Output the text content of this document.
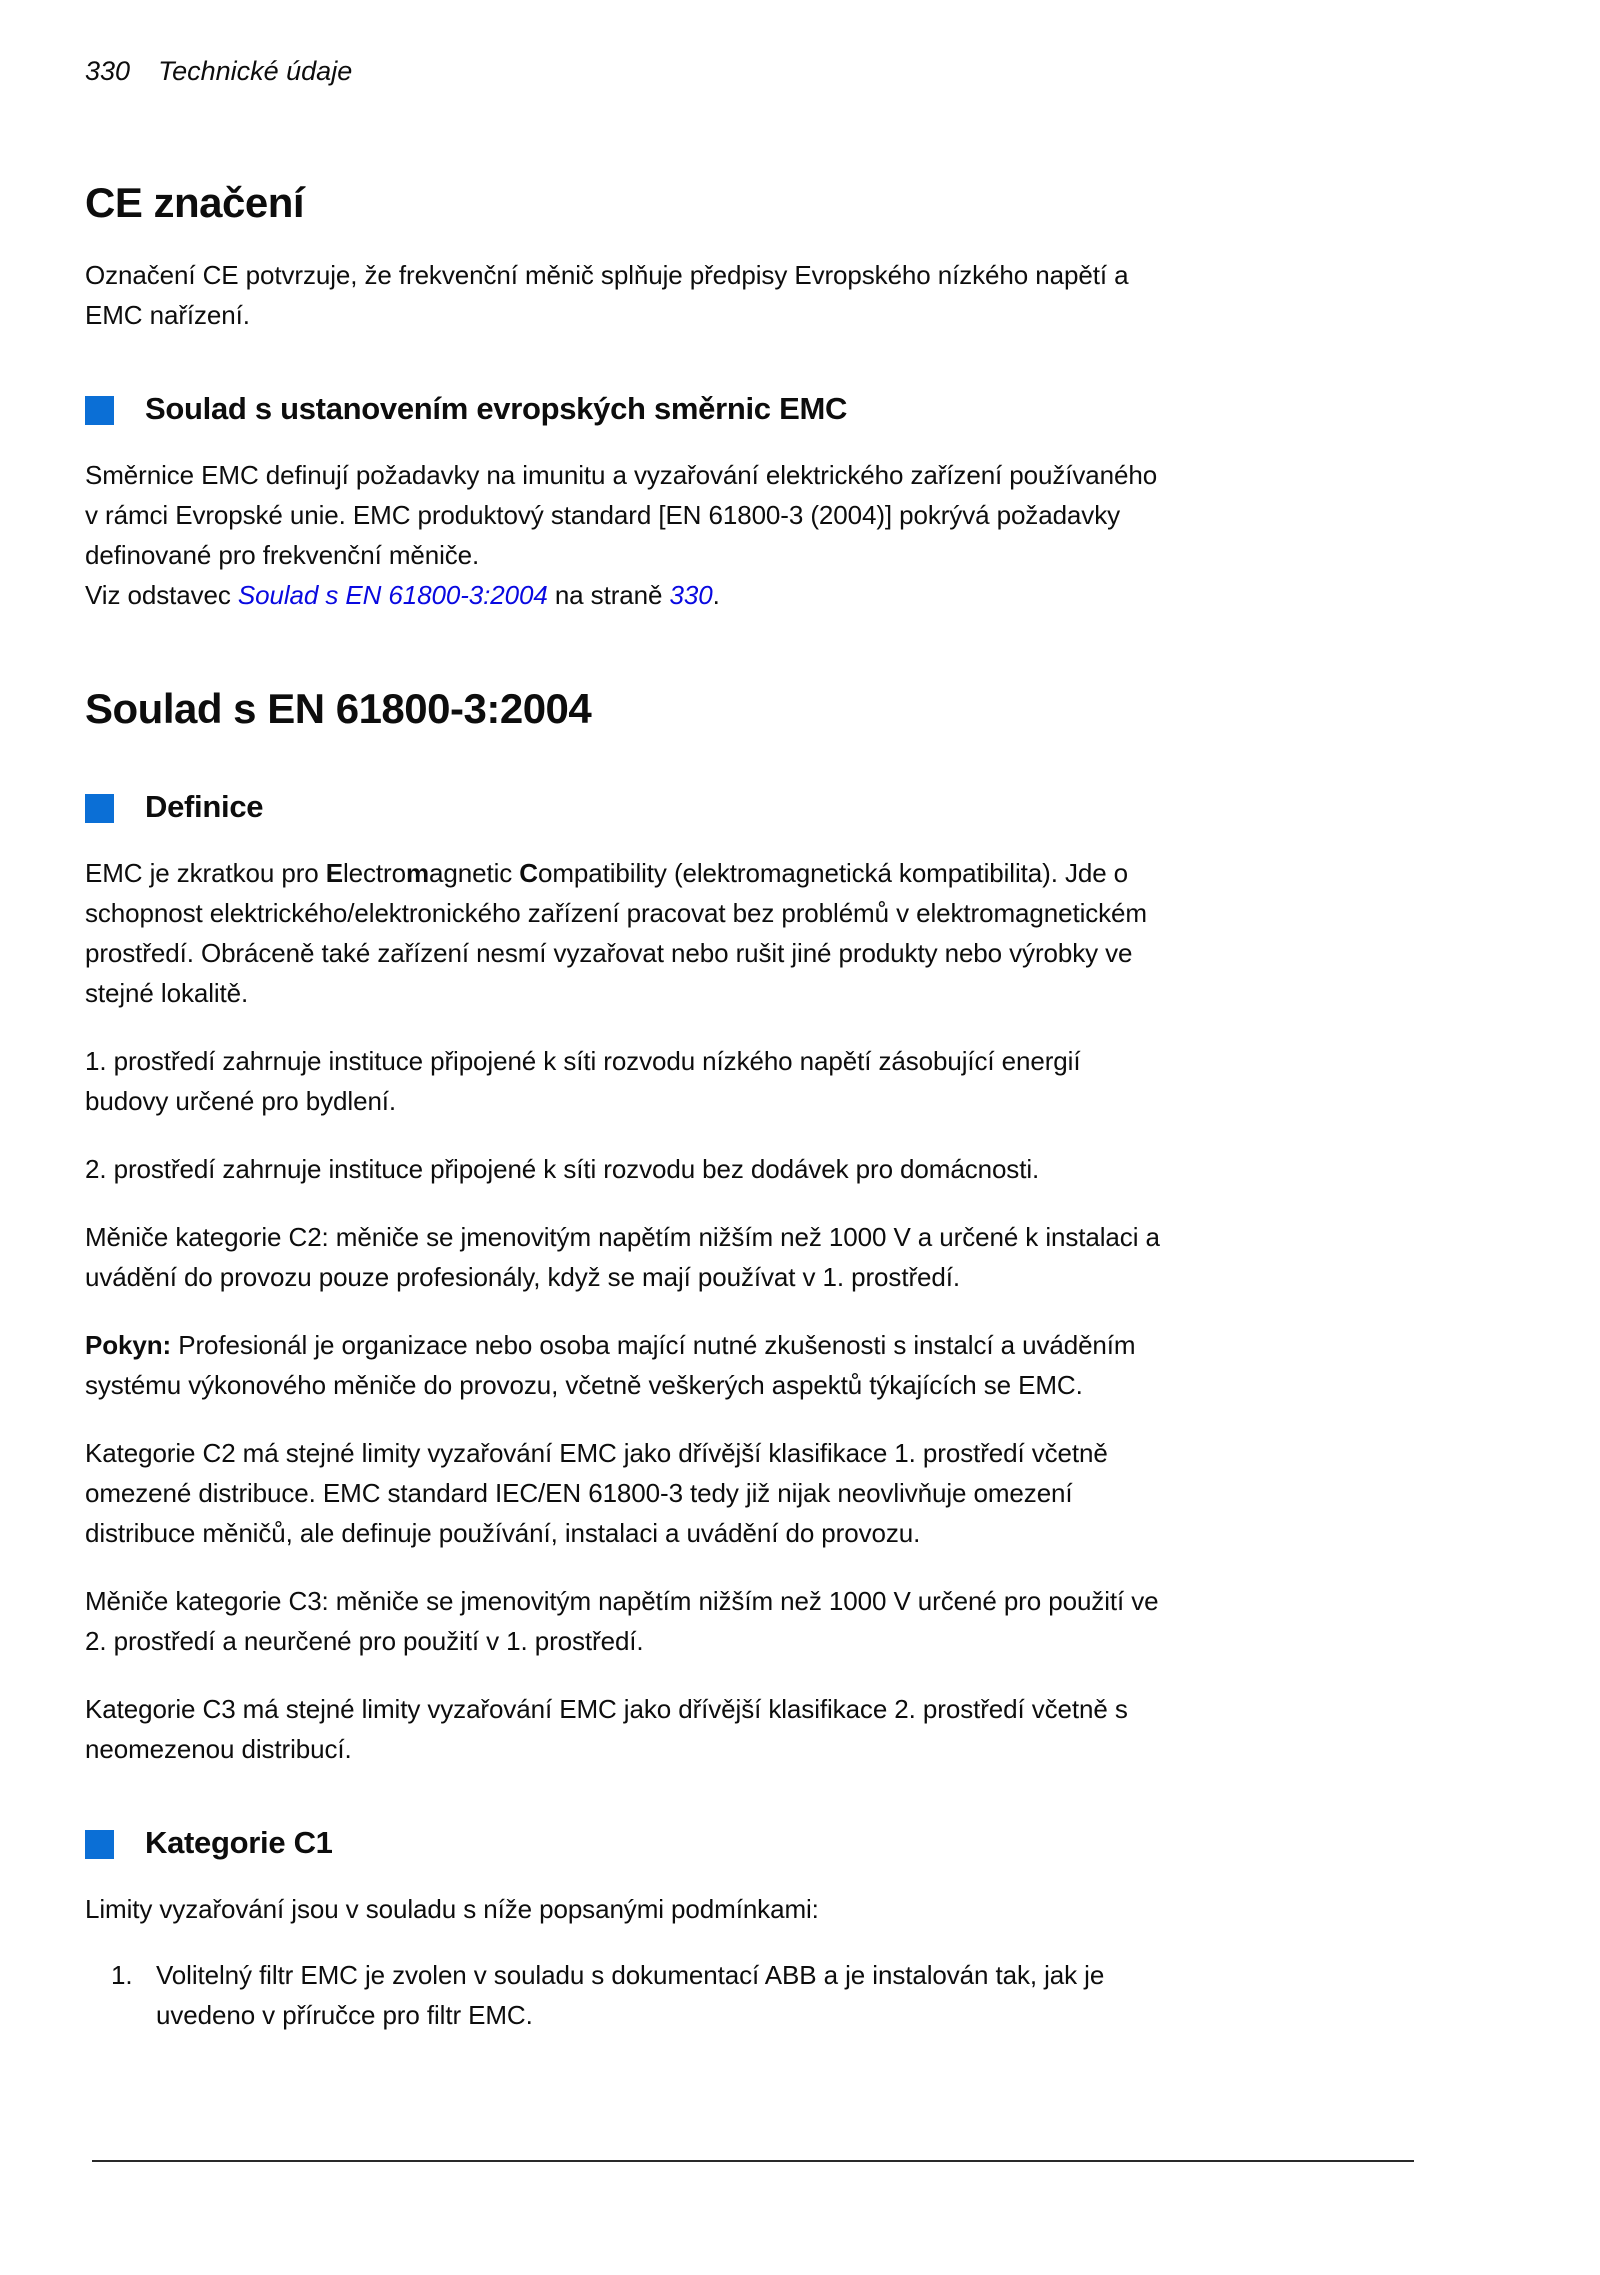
330 Technické údaje
CE značení

Označení CE potvrzuje, že frekvenční měnič splňuje předpisy Evropského nízkého napětí a EMC nařízení.

Soulad s ustanovením evropských směrnic EMC

Směrnice EMC definují požadavky na imunitu a vyzařování elektrického zařízení používaného v rámci Evropské unie. EMC produktový standard [EN 61800-3 (2004)] pokrývá požadavky definované pro frekvenční měniče.

Viz odstavec Soulad s EN 61800-3:2004 na straně 330.
Soulad s EN 61800-3:2004
Definice
EMC je zkratkou pro Electromagnetic Compatibility (elektromagnetická kompatibilita). Jde o schopnost elektrického/elektronického zařízení pracovat bez problémů v elektromagnetickém prostředí. Obráceně také zařízení nesmí vyzařovat nebo rušit jiné produkty nebo výrobky ve stejné lokalitě.

1. prostředí zahrnuje instituce připojené k síti rozvodu nízkého napětí zásobující energií budovy určené pro bydlení.

2. prostředí zahrnuje instituce připojené k síti rozvodu bez dodávek pro domácnosti.

Měniče kategorie C2: měniče se jmenovitým napětím nižším než 1000 V a určené k instalaci a uvádění do provozu pouze profesionály, když se mají používat v 1. prostředí.

Pokyn: Profesionál je organizace nebo osoba mající nutné zkušenosti s instalcí a uváděním systému výkonového měniče do provozu, včetně veškerých aspektů týkajících se EMC.

Kategorie C2 má stejné limity vyzařování EMC jako dřívější klasifikace 1. prostředí včetně omezené distribuce. EMC standard IEC/EN 61800-3 tedy již nijak neovlivňuje omezení distribuce měničů, ale definuje používání, instalaci a uvádění do provozu.

Měniče kategorie C3: měniče se jmenovitým napětím nižším než 1000 V určené pro použití ve 2. prostředí a neurčené pro použití v 1. prostředí.

Kategorie C3 má stejné limity vyzařování EMC jako dřívější klasifikace 2. prostředí včetně s neomezenou distribucí.

Kategorie C1

Limity vyzařování jsou v souladu s níže popsanými podmínkami:

1. Volitelný filtr EMC je zvolen v souladu s dokumentací ABB a je instalován tak, jak je uvedeno v příručce pro filtr EMC.
